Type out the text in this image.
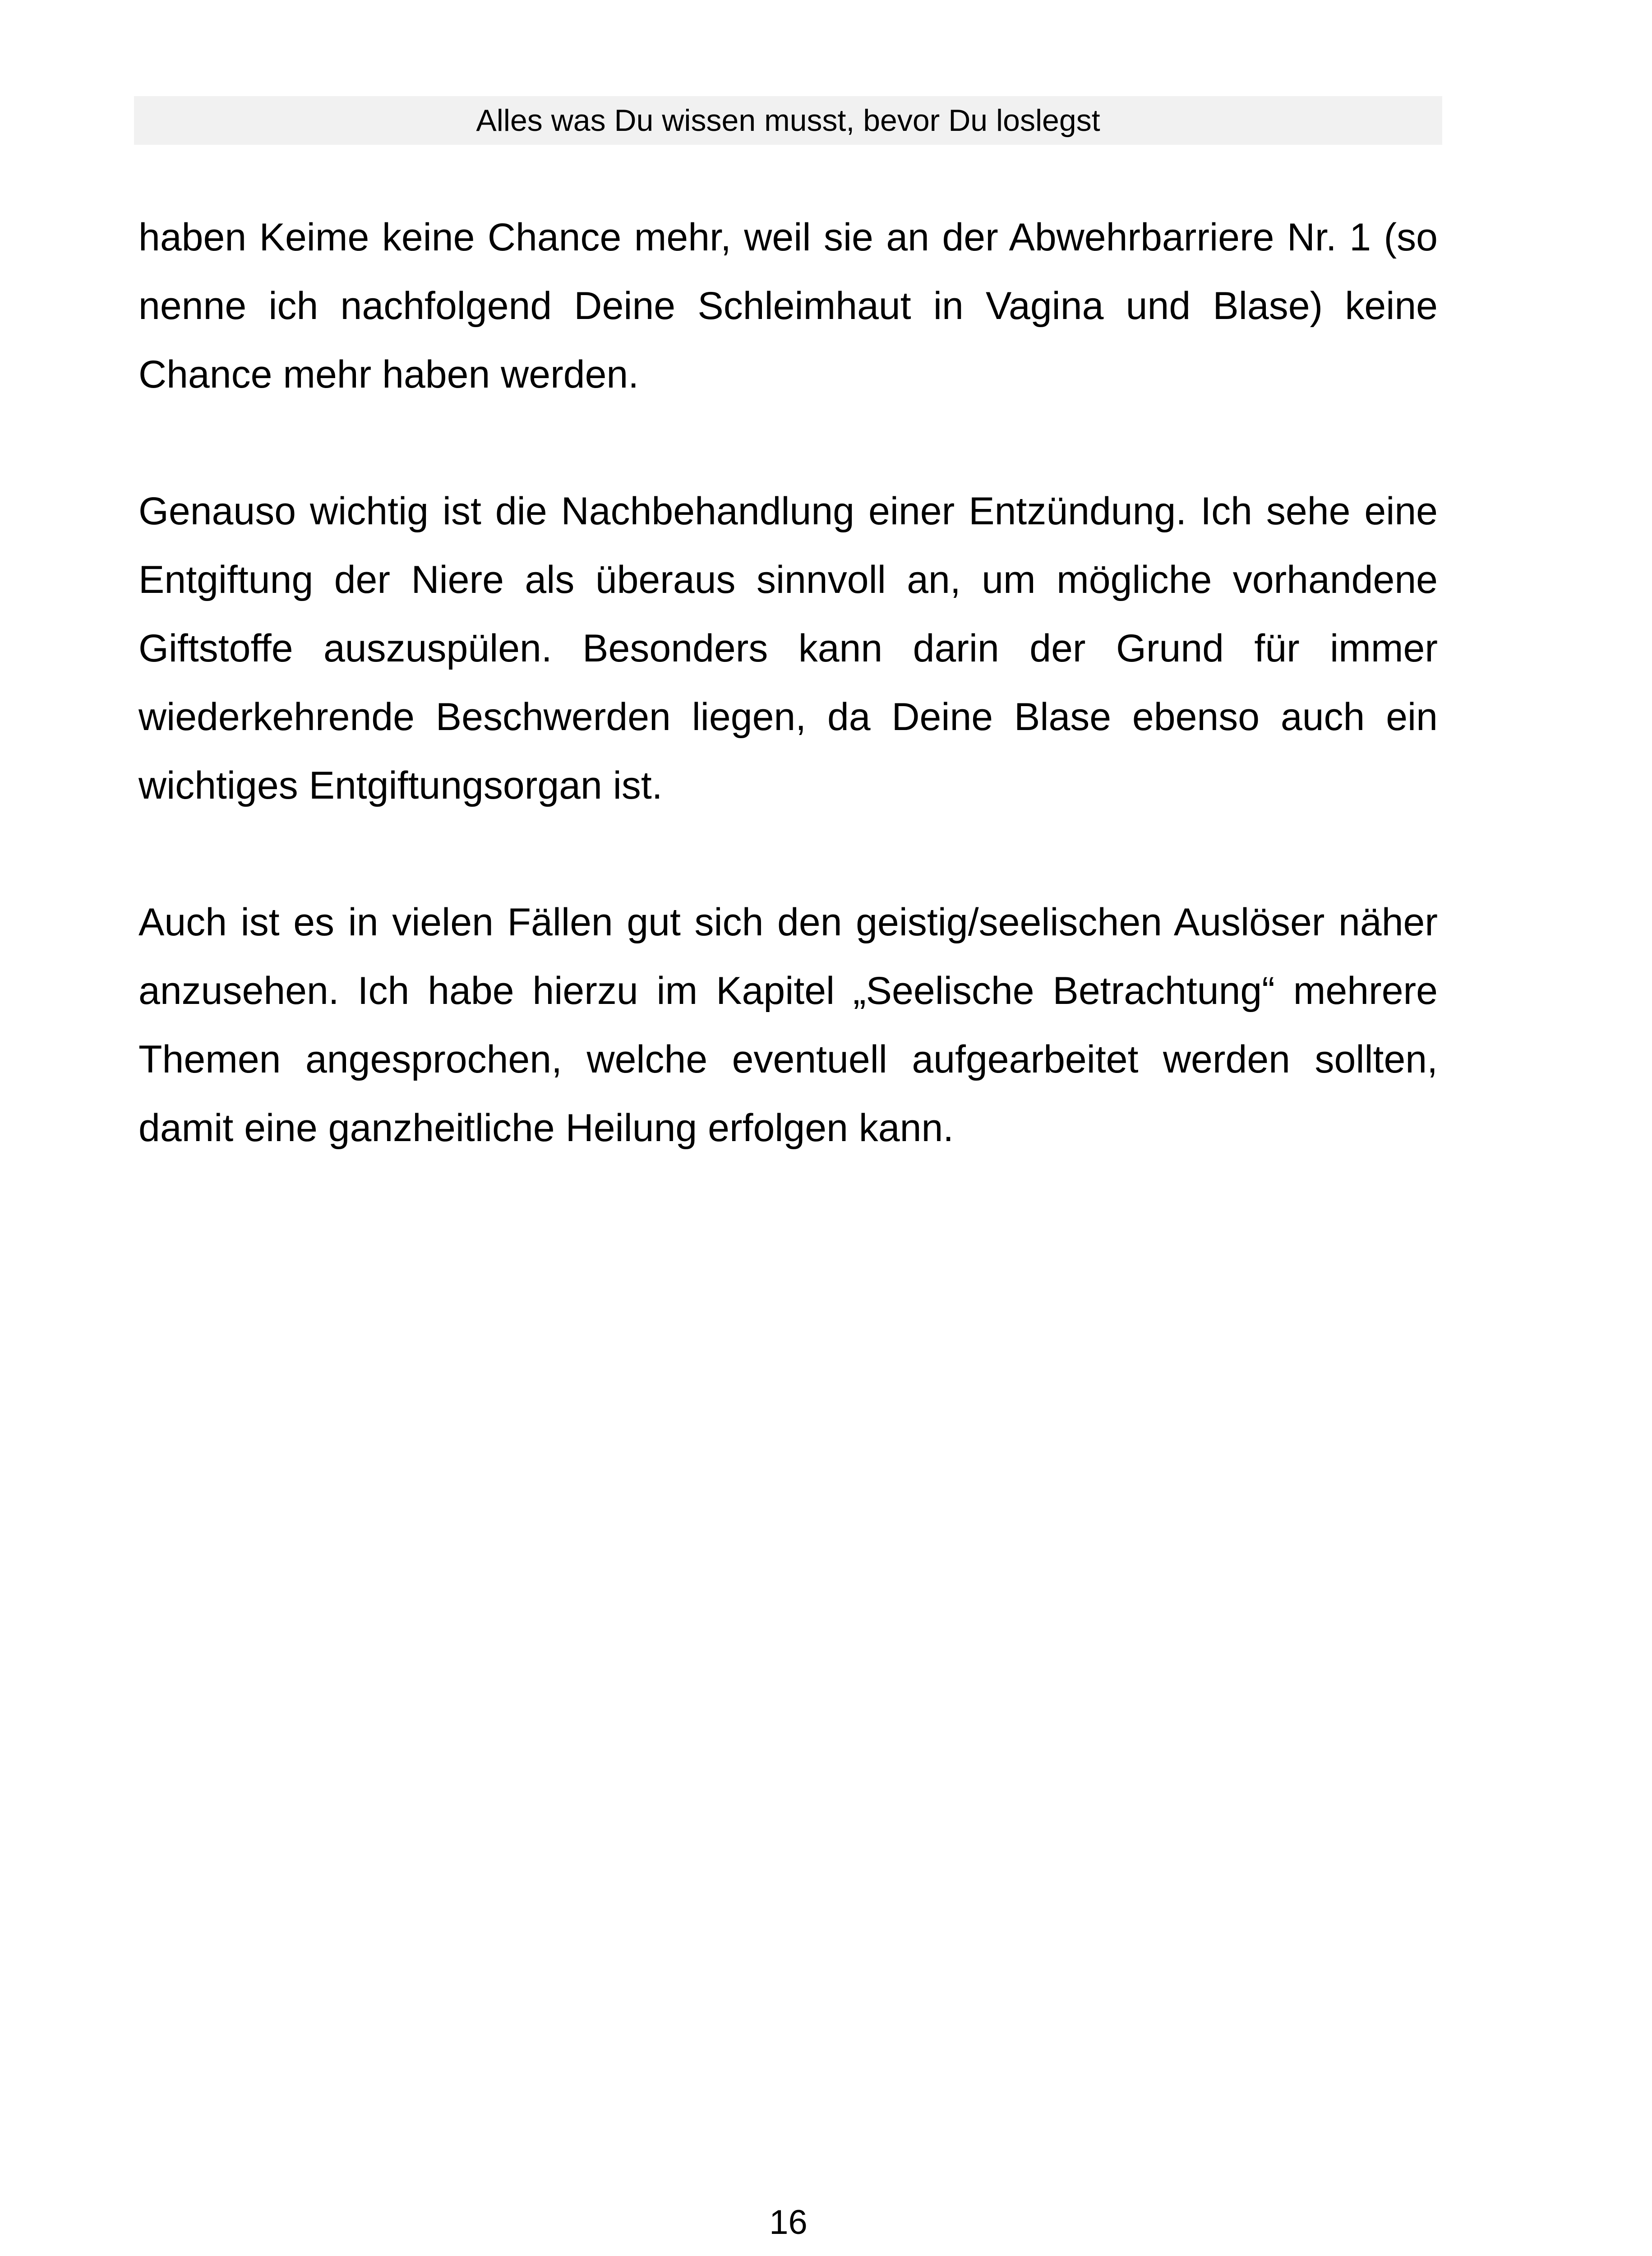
Alles was Du wissen musst, bevor Du loslegst

haben Keime keine Chance mehr, weil sie an der Abwehrbarriere Nr. 1 (so nenne ich nachfolgend Deine Schleimhaut in Vagina und Blase) keine Chance mehr haben werden.

Genauso wichtig ist die Nachbehandlung einer Entzündung. Ich sehe eine Entgiftung der Niere als überaus sinnvoll an, um mögliche vorhandene Giftstoffe auszuspülen. Besonders kann darin der Grund für immer wiederkehrende Beschwerden liegen, da Deine Blase ebenso auch ein wichtiges Entgiftungsorgan ist.

Auch ist es in vielen Fällen gut sich den geistig/seelischen Auslöser näher anzusehen. Ich habe hierzu im Kapitel „Seelische Betrachtung“ mehrere Themen angesprochen, welche eventuell aufgearbeitet werden sollten, damit eine ganzheitliche Heilung erfolgen kann.

16
